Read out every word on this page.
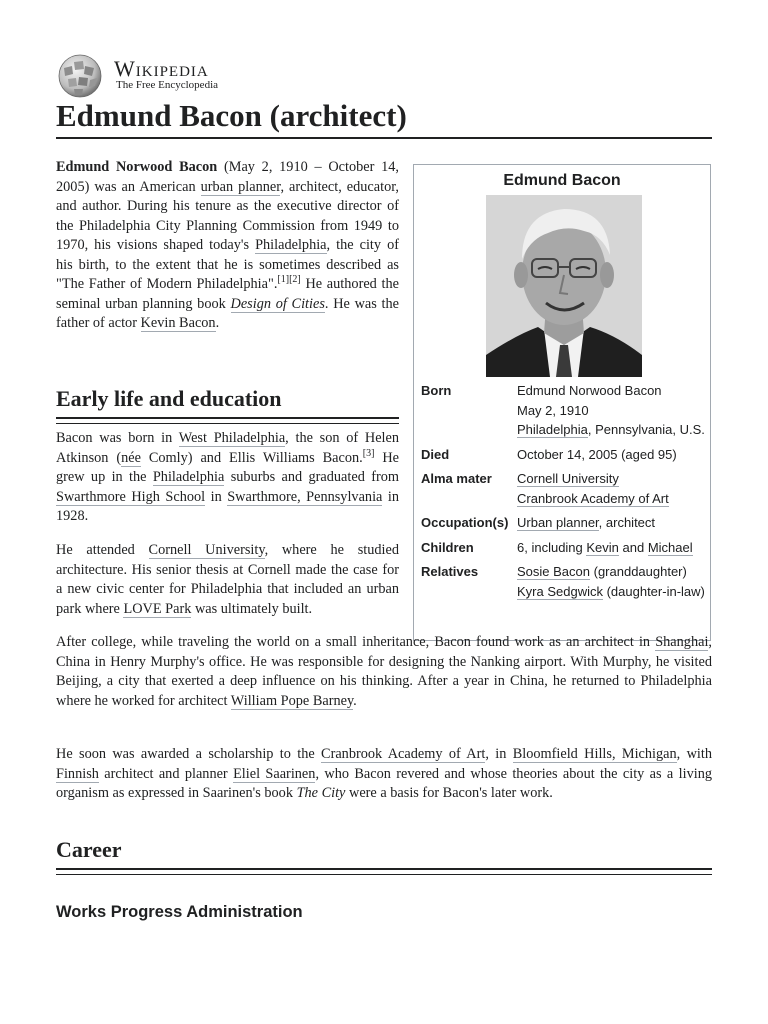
Wikipedia
The Free Encyclopedia
Edmund Bacon (architect)
Edmund Bacon
Born	Edmund Norwood Bacon
May 2, 1910
Philadelphia, Pennsylvania, U.S.
Died	October 14, 2005 (aged 95)
Alma mater	Cornell University
Cranbrook Academy of Art
Occupation(s)	Urban planner, architect
Children	6, including Kevin and Michael
Relatives	Sosie Bacon (granddaughter)
Kyra Sedgwick (daughter-in-law)

Edmund Norwood Bacon (May 2, 1910 – October 14, 2005) was an American urban planner, architect, educator, and author. During his tenure as the executive director of the Philadelphia City Planning Commission from 1949 to 1970, his visions shaped today's Philadelphia, the city of his birth, to the extent that he is sometimes described as "The Father of Modern Philadelphia".[1][2] He authored the seminal urban planning book Design of Cities. He was the father of actor Kevin Bacon.

Early life and education

Bacon was born in West Philadelphia, the son of Helen Atkinson (née Comly) and Ellis Williams Bacon.[3] He grew up in the Philadelphia suburbs and graduated from Swarthmore High School in Swarthmore, Pennsylvania in 1928.

He attended Cornell University, where he studied architecture. His senior thesis at Cornell made the case for a new civic center for Philadelphia that included an urban park where LOVE Park was ultimately built.

After college, while traveling the world on a small inheritance, Bacon found work as an architect in Shanghai, China in Henry Murphy's office. He was responsible for designing the Nanking airport. With Murphy, he visited Beijing, a city that exerted a deep influence on his thinking. After a year in China, he returned to Philadelphia where he worked for architect William Pope Barney.

He soon was awarded a scholarship to the Cranbrook Academy of Art, in Bloomfield Hills, Michigan, with Finnish architect and planner Eliel Saarinen, who Bacon revered and whose theories about the city as a living organism as expressed in Saarinen's book The City were a basis for Bacon's later work.

Career
Works Progress Administration
